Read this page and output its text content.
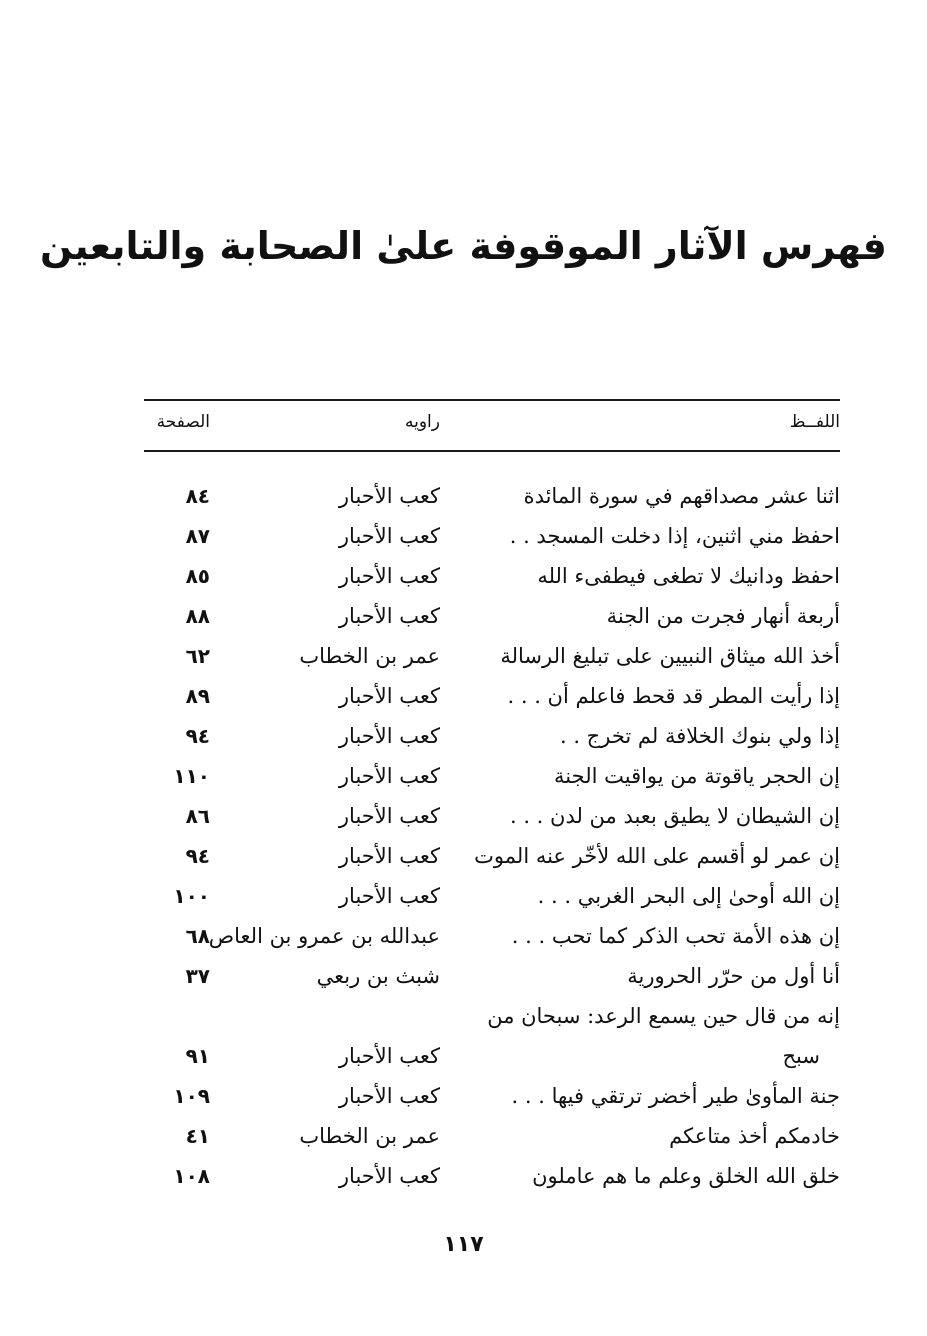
فهرس الآثار الموقوفة علىٰ الصحابة والتابعين
اللفــظ
راويه
الصفحة
اثنا عشر مصداقهم في سورة المائدة
كعب الأحبار
٨٤
احفظ مني اثنين، إذا دخلت المسجد . .
كعب الأحبار
٨٧
احفظ ودانيك لا تطغى فيطفىء الله
كعب الأحبار
٨٥
أربعة أنهار فجرت من الجنة
كعب الأحبار
٨٨
أخذ الله ميثاق النبيين على تبليغ الرسالة
عمر بن الخطاب
٦٢
إذا رأيت المطر قد قحط فاعلم أن . . .
كعب الأحبار
٨٩
إذا ولي بنوك الخلافة لم تخرج . .
كعب الأحبار
٩٤
إن الحجر ياقوتة من يواقيت الجنة
كعب الأحبار
١١٠
إن الشيطان لا يطيق بعبد من لدن . . .
كعب الأحبار
٨٦
إن عمر لو أقسم على الله لأخّر عنه الموت
كعب الأحبار
٩٤
إن الله أوحىٰ إلى البحر الغربي . . .
كعب الأحبار
١٠٠
إن هذه الأمة تحب الذكر كما تحب . . .
عبدالله بن عمرو بن العاص
٦٨
أنا أول من حرّر الحرورية
شبث بن ربعي
٣٧
إنه من قال حين يسمع الرعد: سبحان من
سبح
كعب الأحبار
٩١
جنة المأوىٰ طير أخضر ترتقي فيها . . .
كعب الأحبار
١٠٩
خادمكم أخذ متاعكم
عمر بن الخطاب
٤١
خلق الله الخلق وعلم ما هم عاملون
كعب الأحبار
١٠٨
١١٧
